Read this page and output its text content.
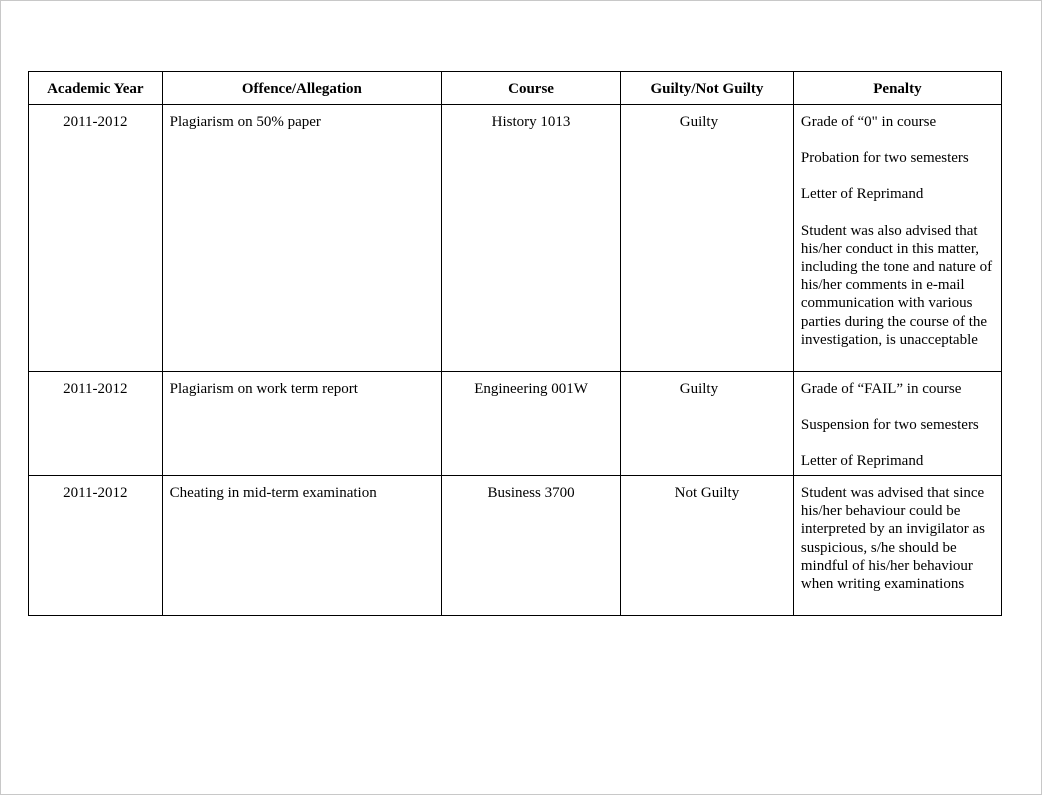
Academic Year	Offence/Allegation	Course	Guilty/Not Guilty	Penalty

2011-2012	Plagiarism on 50% paper	History 1013	Guilty	Grade of “0" in course

Probation for two semesters

Letter of Reprimand

Student was also advised that his/her conduct in this matter, including the tone and nature of his/her comments in e-mail communication with various parties during the course of the investigation, is unacceptable

2011-2012	Plagiarism on work term report	Engineering 001W	Guilty	Grade of “FAIL” in course

Suspension for two semesters

Letter of Reprimand

2011-2012	Cheating in mid-term examination	Business 3700	Not Guilty	Student was advised that since his/her behaviour could be interpreted by an invigilator as suspicious, s/he should be mindful of his/her behaviour when writing examinations
